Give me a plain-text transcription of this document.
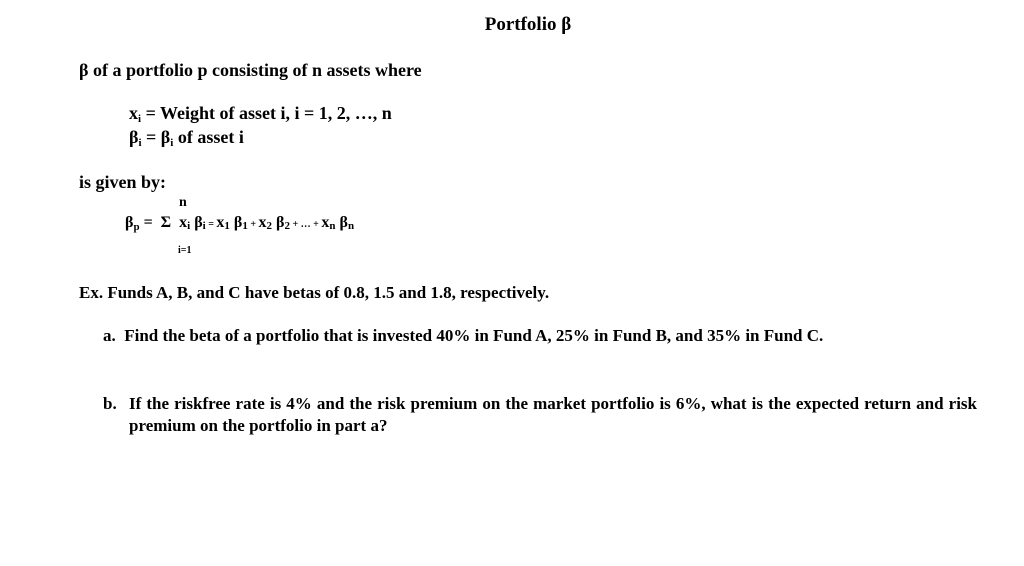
Portfolio β
β of a portfolio p consisting of n assets where
$x_i$ = Weight of asset i, i = 1, 2, …, n
$\beta_i = \beta_i$ of asset i
is given by:
n
$\beta_p = \Sigma$  xi βi = x1 β1 + x2 β2 + … + xn βn
i=1
Ex. Funds A, B, and C have betas of 0.8, 1.5 and 1.8, respectively.
a. Find the beta of a portfolio that is invested 40% in Fund A, 25% in Fund B, and 35% in Fund C.
b. If the riskfree rate is 4% and the risk premium on the market portfolio is 6%, what is the expected return and risk premium on the portfolio in part a?
